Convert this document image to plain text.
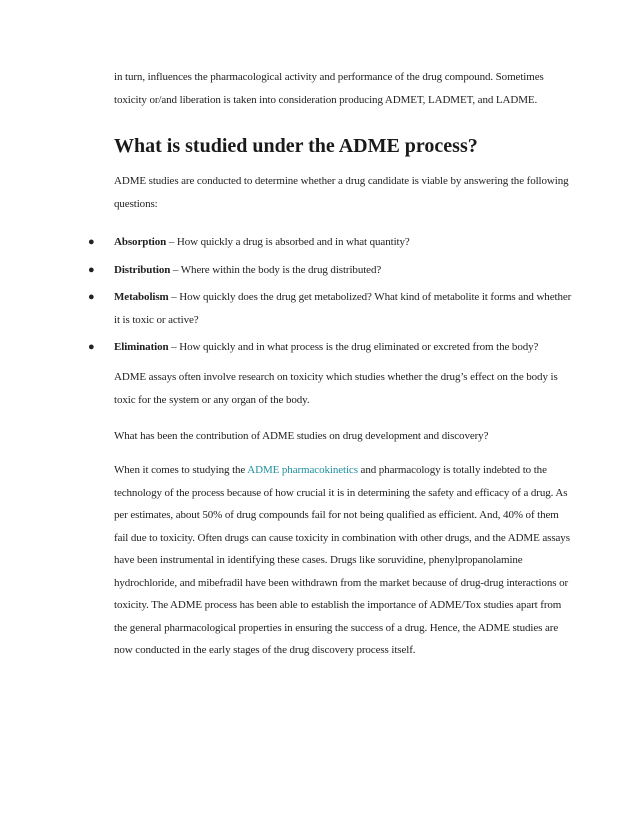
in turn, influences the pharmacological activity and performance of the drug compound. Sometimes toxicity or/and liberation is taken into consideration producing ADMET, LADMET, and LADME.

What is studied under the ADME process?

ADME studies are conducted to determine whether a drug candidate is viable by answering the following questions:

● Absorption – How quickly a drug is absorbed and in what quantity?
● Distribution – Where within the body is the drug distributed?
● Metabolism – How quickly does the drug get metabolized? What kind of metabolite it forms and whether it is toxic or active?
● Elimination – How quickly and in what process is the drug eliminated or excreted from the body?

ADME assays often involve research on toxicity which studies whether the drug’s effect on the body is toxic for the system or any organ of the body.

What has been the contribution of ADME studies on drug development and discovery?

When it comes to studying the ADME pharmacokinetics and pharmacology is totally indebted to the technology of the process because of how crucial it is in determining the safety and efficacy of a drug. As per estimates, about 50% of drug compounds fail for not being qualified as efficient. And, 40% of them fail due to toxicity. Often drugs can cause toxicity in combination with other drugs, and the ADME assays have been instrumental in identifying these cases. Drugs like soruvidine, phenylpropanolamine hydrochloride, and mibefradil have been withdrawn from the market because of drug-drug interactions or toxicity. The ADME process has been able to establish the importance of ADME/Tox studies apart from the general pharmacological properties in ensuring the success of a drug. Hence, the ADME studies are now conducted in the early stages of the drug discovery process itself.
